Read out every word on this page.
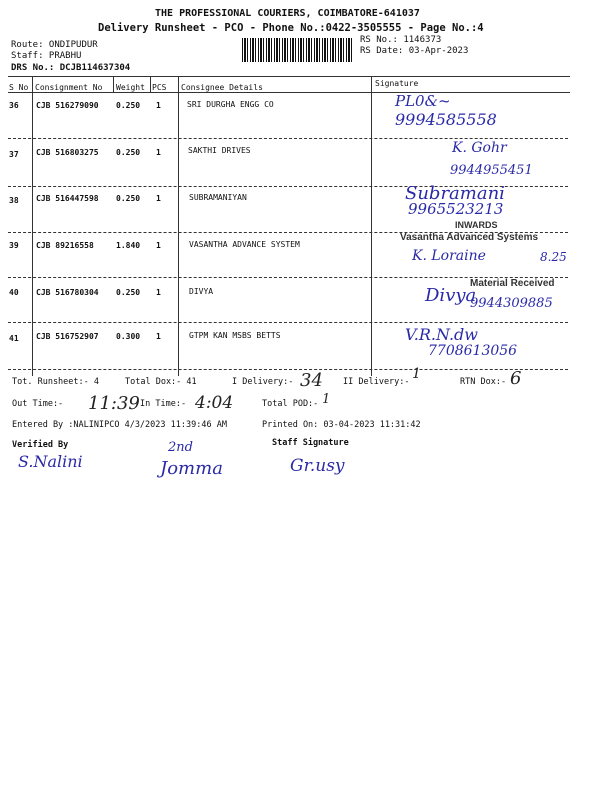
THE PROFESSIONAL COURIERS, COIMBATORE-641037
Delivery Runsheet - PCO - Phone No.:0422-3505555 - Page No.:4
Route: ONDIPUDUR
Staff: PRABHU
DRS No.: DCJB114637304
RS No.: 1146373
RS Date: 03-Apr-2023
S No Consignment No Weight PCS Consignee Details	Signature
36 CJB 516279090 0.250 1	SRI DURGHA ENGG CO	PL0&~
9994585558
37 CJB 516803275 0.250 1	SAKTHI DRIVES	K. Gohr
9944955451
38 CJB 516447598 0.250 1	SUBRAMANIYAN	Subramani
9965523213
INWARDS
39 CJB 89216558	1.840 1	VASANTHA ADVANCE SYSTEM
Vasantha Advanced Systems
K. Loraine	8.25
40 CJB 516780304 0.250 1	DIVYA
Material Received
Divya
9944309885
41 CJB 516752907 0.300 1	GTPM KAN MSBS BETTS	V.R.N.dw
7708613056
Tot. Runsheet:- 4	Total Dox:- 41	I Delivery:- 34 II Delivery:- 1	RTN Dox:- 6
Out Time:- 11:39 In Time:- 4:04	Total POD:- 1
Entered By :NALINIPCO 4/3/2023 11:39:46 AM	Printed On: 03-04-2023 11:31:42
Verified By	Staff Signature
S.Nalini
2nd
Jomma	Gr.usy
